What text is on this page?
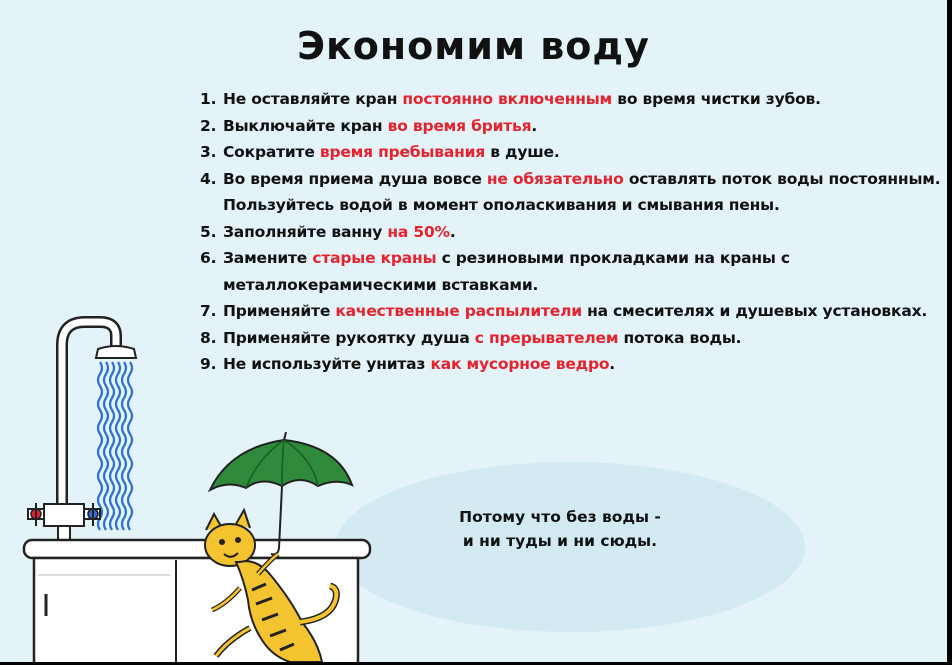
Экономим воду
1. Не оставляйте кран постоянно включенным во время чистки зубов.
2. Выключайте кран во время бритья.
3. Сократите время пребывания в душе.
4. Во время приема душа вовсе не обязательно оставлять поток воды постоянным. Пользуйтесь водой в момент ополаскивания и смывания пены.
5. Заполняйте ванну на 50%.
6. Замените старые краны с резиновыми прокладками на краны с металлокерамическими вставками.
7. Применяйте качественные распылители на смесителях и душевых установках.
8. Применяйте рукоятку душа с прерывателем потока воды.
9. Не используйте унитаз как мусорное ведро.
Потому что без воды -
и ни туды и ни сюды.
